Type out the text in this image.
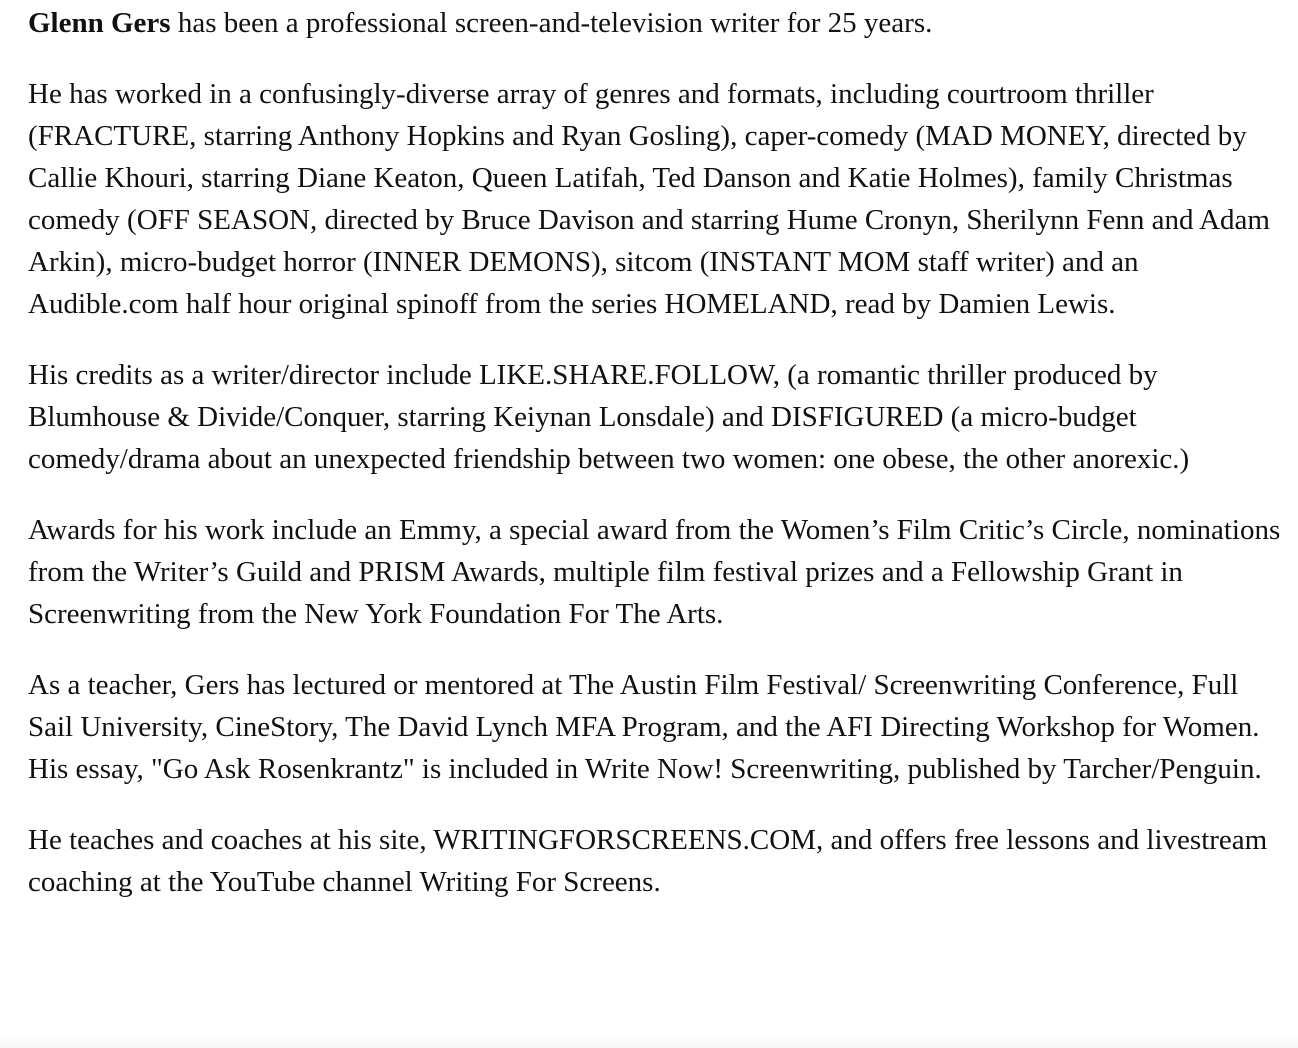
Glenn Gers has been a professional screen-and-television writer for 25 years.

He has worked in a confusingly-diverse array of genres and formats, including courtroom thriller (FRACTURE, starring Anthony Hopkins and Ryan Gosling), caper-comedy (MAD MONEY, directed by Callie Khouri, starring Diane Keaton, Queen Latifah, Ted Danson and Katie Holmes), family Christmas comedy (OFF SEASON, directed by Bruce Davison and starring Hume Cronyn, Sherilynn Fenn and Adam Arkin), micro-budget horror (INNER DEMONS), sitcom (INSTANT MOM staff writer) and an Audible.com half hour original spinoff from the series HOMELAND, read by Damien Lewis.

His credits as a writer/director include LIKE.SHARE.FOLLOW, (a romantic thriller produced by Blumhouse & Divide/Conquer, starring Keiynan Lonsdale) and DISFIGURED (a micro-budget comedy/drama about an unexpected friendship between two women: one obese, the other anorexic.)

Awards for his work include an Emmy, a special award from the Women’s Film Critic’s Circle, nominations from the Writer’s Guild and PRISM Awards, multiple film festival prizes and a Fellowship Grant in Screenwriting from the New York Foundation For The Arts.

As a teacher, Gers has lectured or mentored at The Austin Film Festival/ Screenwriting Conference, Full Sail University, CineStory, The David Lynch MFA Program, and the AFI Directing Workshop for Women. His essay, "Go Ask Rosenkrantz" is included in Write Now! Screenwriting, published by Tarcher/Penguin.

He teaches and coaches at his site, WRITINGFORSCREENS.COM, and offers free lessons and livestream coaching at the YouTube channel Writing For Screens.
